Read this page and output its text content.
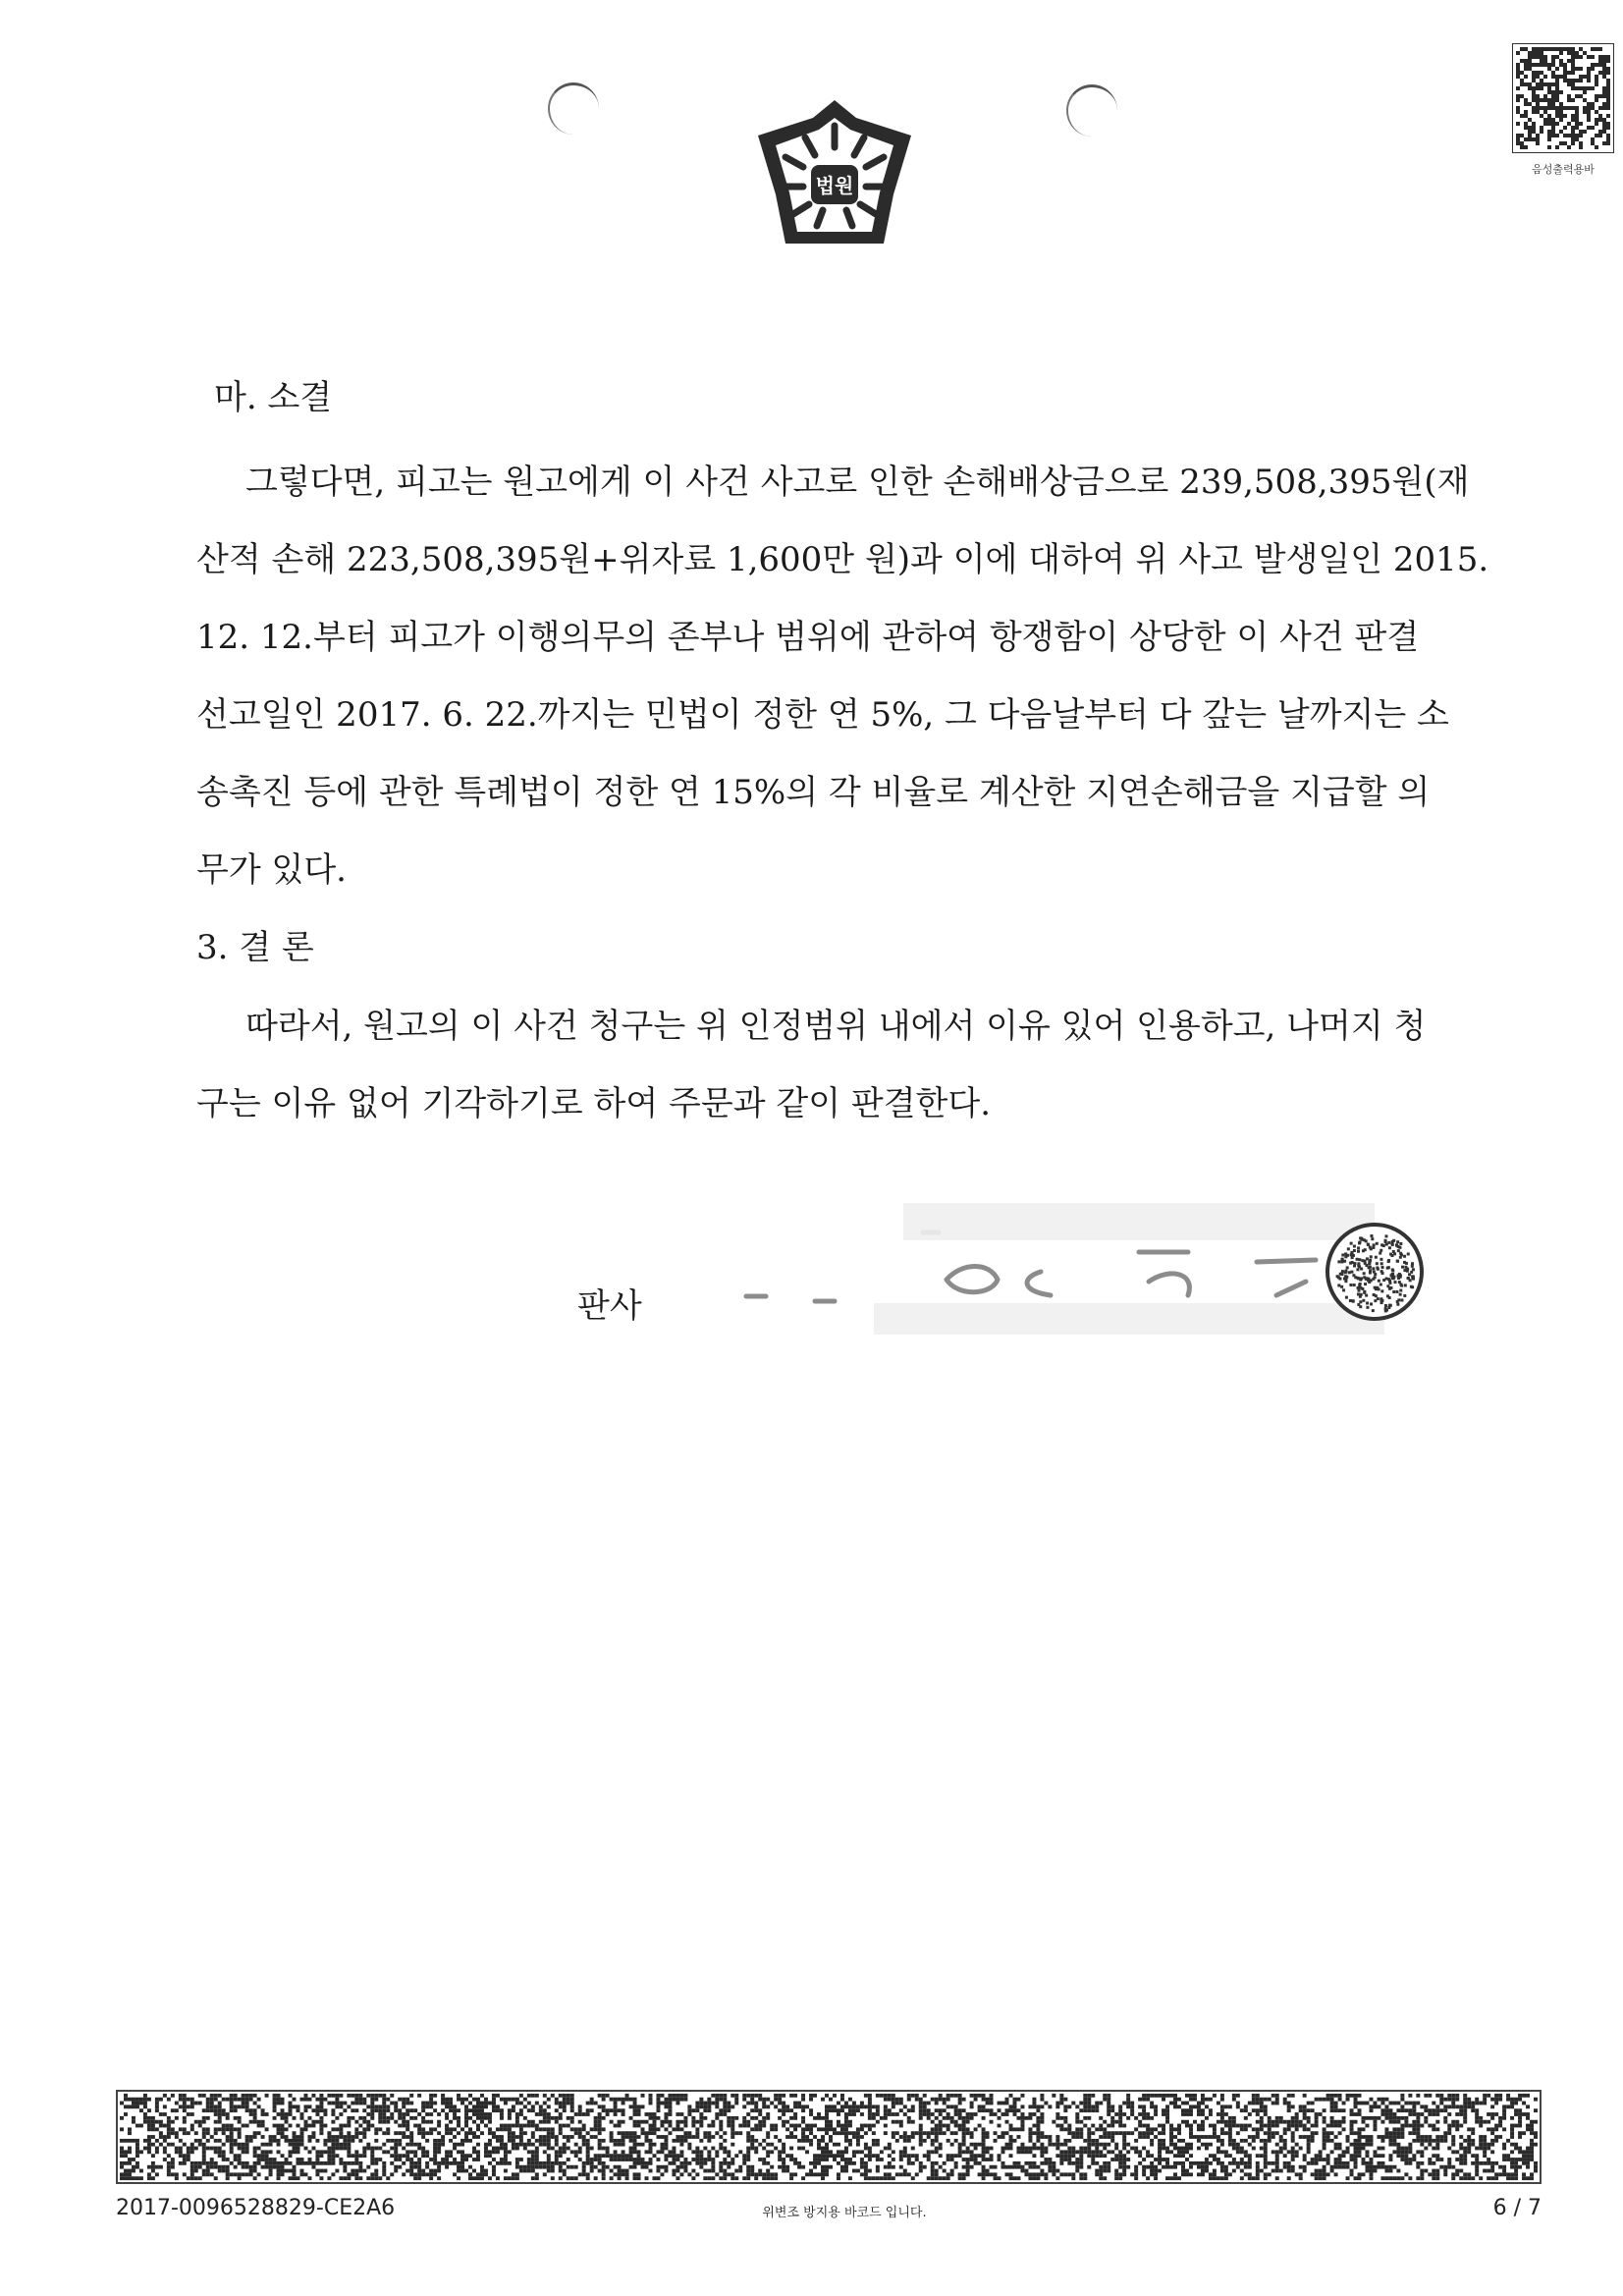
법원
음성출력용바
마. 소결
그렇다면, 피고는 원고에게 이 사건 사고로 인한 손해배상금으로 239,508,395원(재
산적 손해 223,508,395원+위자료 1,600만 원)과 이에 대하여 위 사고 발생일인 2015.
12. 12.부터 피고가 이행의무의 존부나 범위에 관하여 항쟁함이 상당한 이 사건 판결
선고일인 2017. 6. 22.까지는 민법이 정한 연 5%, 그 다음날부터 다 갚는 날까지는 소
송촉진 등에 관한 특례법이 정한 연 15%의 각 비율로 계산한 지연손해금을 지급할 의
무가 있다.
3. 결 론
따라서, 원고의 이 사건 청구는 위 인정범위 내에서 이유 있어 인용하고, 나머지 청
구는 이유 없어 기각하기로 하여 주문과 같이 판결한다.
판사
2017-0096528829-CE2A6	위변조 방지용 바코드 입니다.	6 / 7
